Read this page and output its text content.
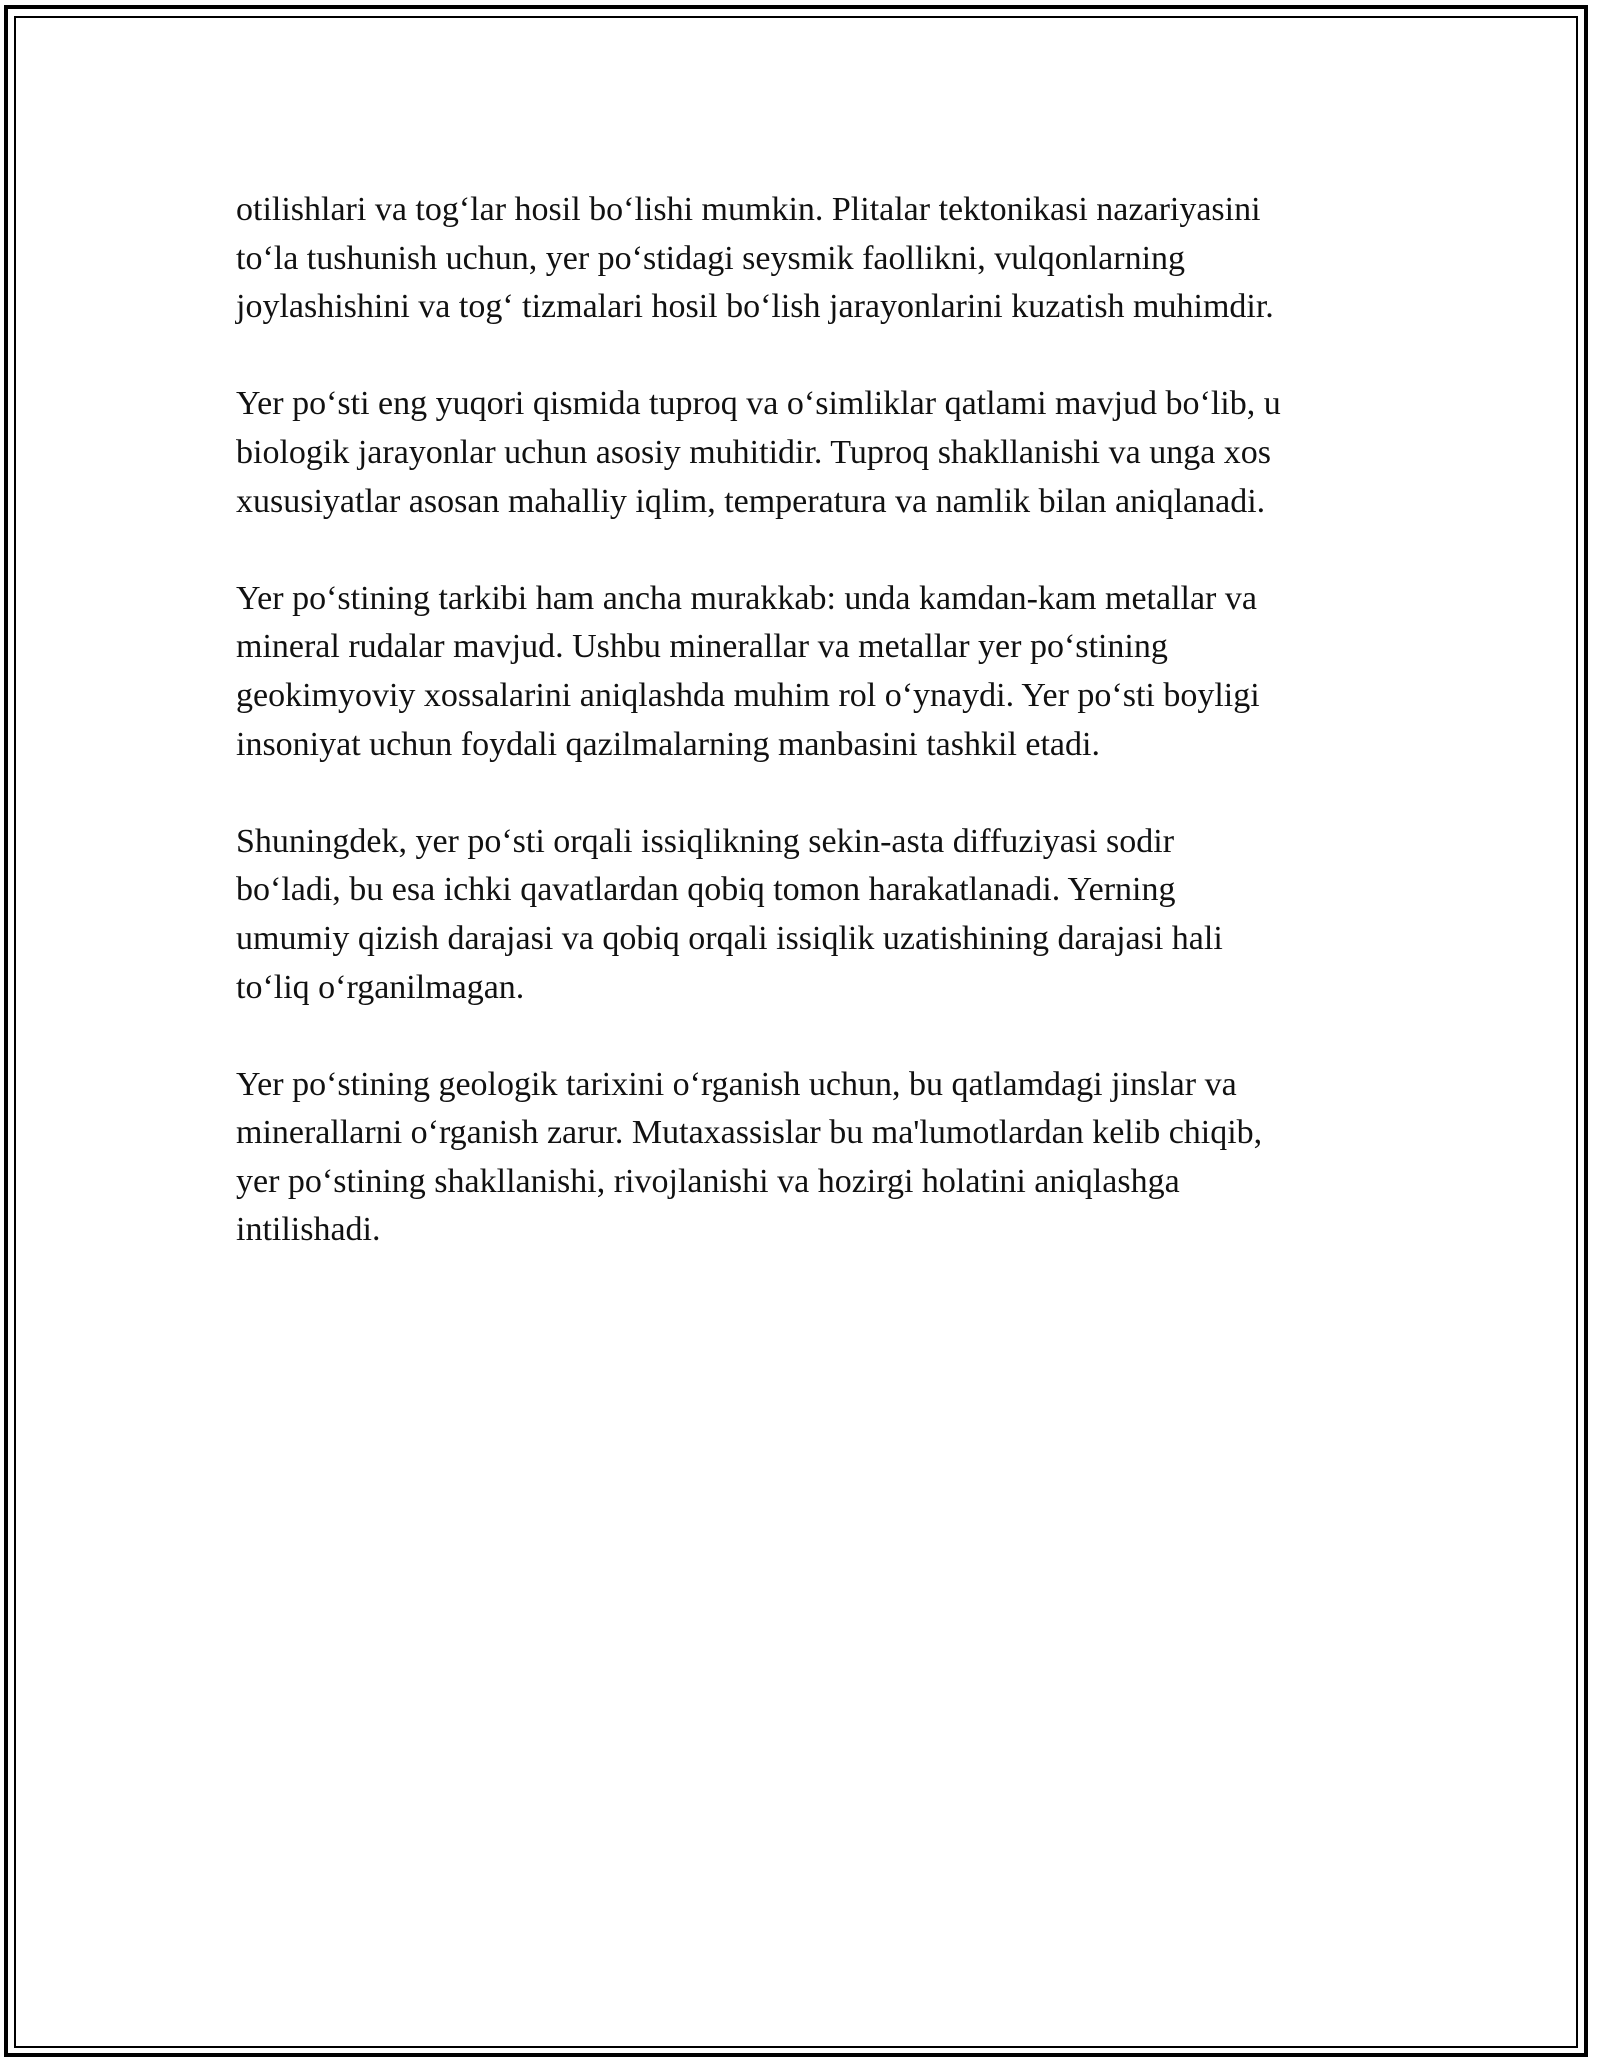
otilishlari va tog‘lar hosil bo‘lishi mumkin. Plitalar tektonikasi nazariyasini
to‘la tushunish uchun, yer po‘stidagi seysmik faollikni, vulqonlarning
joylashishini va tog‘ tizmalari hosil bo‘lish jarayonlarini kuzatish muhimdir.

Yer po‘sti eng yuqori qismida tuproq va o‘simliklar qatlami mavjud bo‘lib, u
biologik jarayonlar uchun asosiy muhitidir. Tuproq shakllanishi va unga xos
xususiyatlar asosan mahalliy iqlim, temperatura va namlik bilan aniqlanadi.

Yer po‘stining tarkibi ham ancha murakkab: unda kamdan-kam metallar va
mineral rudalar mavjud. Ushbu minerallar va metallar yer po‘stining
geokimyoviy xossalarini aniqlashda muhim rol o‘ynaydi. Yer po‘sti boyligi
insoniyat uchun foydali qazilmalarning manbasini tashkil etadi.

Shuningdek, yer po‘sti orqali issiqlikning sekin-asta diffuziyasi sodir
bo‘ladi, bu esa ichki qavatlardan qobiq tomon harakatlanadi. Yerning
umumiy qizish darajasi va qobiq orqali issiqlik uzatishining darajasi hali
to‘liq o‘rganilmagan.

Yer po‘stining geologik tarixini o‘rganish uchun, bu qatlamdagi jinslar va
minerallarni o‘rganish zarur. Mutaxassislar bu ma'lumotlardan kelib chiqib,
yer po‘stining shakllanishi, rivojlanishi va hozirgi holatini aniqlashga
intilishadi.
